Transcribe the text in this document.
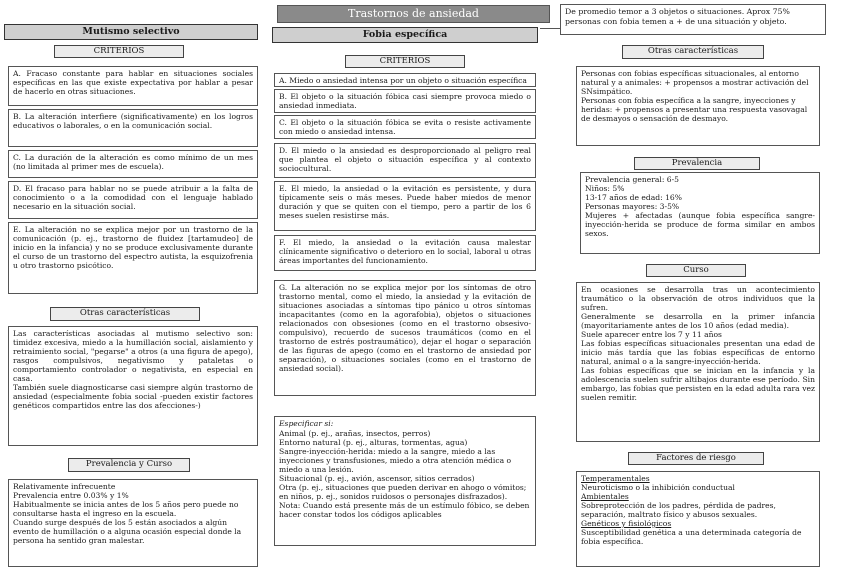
Trastornos de ansiedad	De promedio temor a 3 objetos o situaciones. Aprox 75% personas con fobia temen a + de una situación y objeto.
Mutismo selectivo
CRITERIOS
A. Fracaso constante para hablar en situaciones sociales específicas en las que existe expectativa por hablar a pesar de hacerlo en otras situaciones.
B. La alteración interfiere (significativamente) en los logros educativos o laborales, o en la comunicación social.
C. La duración de la alteración es como mínimo de un mes (no limitada al primer mes de escuela).
D. El fracaso para hablar no se puede atribuir a la falta de conocimiento o a la comodidad con el lenguaje hablado necesario en la situación social.
E. La alteración no se explica mejor por un trastorno de la comunicación (p. ej., trastorno de fluidez [tartamudeo] de inicio en la infancia) y no se produce exclusivamente durante el curso de un trastorno del espectro autista, la esquizofrenia u otro trastorno psicótico.
Otras características

Las características asociadas al mutismo selectivo son: timidez excesiva, miedo a la humillación social, aislamiento y retraimiento social, "pegarse" a otros (a una figura de apego), rasgos compulsivos, negativismo y pataletas o comportamiento controlador o negativista, en especial en casa.

También suele diagnosticarse casi siempre algún trastorno de ansiedad (especialmente fobia social -pueden existir factores genéticos compartidos entre las dos afecciones-)

Prevalencia y Curso

Relativamente infrecuente

Prevalencia entre 0.03% y 1%

Habitualmente se inicia antes de los 5 años pero puede no consultarse hasta el ingreso en la escuela.

Cuando surge después de los 5 están asociados a algún evento de humillación o a alguna ocasión especial donde la persona ha sentido gran malestar.

Fobia específica
CRITERIOS
A. Miedo o ansiedad intensa por un objeto o situación específica
B. El objeto o la situación fóbica casi siempre provoca miedo o ansiedad inmediata.
C. El objeto o la situación fóbica se evita o resiste activamente con miedo o ansiedad intensa.
D. El miedo o la ansiedad es desproporcionado al peligro real que plantea el objeto o situación específica y al contexto sociocultural.
E. El miedo, la ansiedad o la evitación es persistente, y dura típicamente seis o más meses. Puede haber miedos de menor duración y que se quiten con el tiempo, pero a partir de los 6 meses suelen resistirse más.
F. El miedo, la ansiedad o la evitación causa malestar clínicamente significativo o deterioro en lo social, laboral u otras áreas importantes del funcionamiento.
G. La alteración no se explica mejor por los síntomas de otro trastorno mental, como el miedo, la ansiedad y la evitación de situaciones asociadas a síntomas tipo pánico u otros síntomas incapacitantes (como en la agorafobia), objetos o situaciones relacionados con obsesiones (como en el trastorno obsesivo-compulsivo), recuerdo de sucesos traumáticos (como en el trastorno de estrés postraumático), dejar el hogar o separación de las figuras de apego (como en el trastorno de ansiedad por separación), o situaciones sociales (como en el trastorno de ansiedad social).

Especificar si:

Animal (p. ej., arañas, insectos, perros)

Entorno natural (p. ej., alturas, tormentas, agua)

Sangre-inyección-herida: miedo a la sangre, miedo a las inyecciones y transfusiones, miedo a otra atención médica o miedo a una lesión.

Situacional (p. ej., avión, ascensor, sitios cerrados)

Otra (p. ej., situaciones que pueden derivar en ahogo o vómitos; en niños, p. ej., sonidos ruidosos o personajes disfrazados).

Nota: Cuando está presente más de un estímulo fóbico, se deben hacer constar todos los códigos aplicables

Otras características

Personas con fobias específicas situacionales, al entorno natural y a animales: + propensos a mostrar activación del SNsimpático.

Personas con fobia específica a la sangre, inyecciones y heridas: + propensos a presentar una respuesta vasovagal de desmayos o sensación de desmayo.

Prevalencia

Prevalencia general: 6-5

Niños: 5%

13-17 años de edad: 16%

Personas mayores: 3-5%

Mujeres + afectadas (aunque fobia específica sangre-inyección-herida se produce de forma similar en ambos sexos.

Curso

En ocasiones se desarrolla tras un acontecimiento traumático o la observación de otros individuos que la sufren.

Generalmente se desarrolla en la primer infancia (mayoritariamente antes de los 10 años (edad media).

Suele aparecer entre los 7 y 11 años

Las fobias específicas situacionales presentan una edad de inicio más tardía que las fobias específicas de entorno natural, animal o a la sangre-inyección-herida.

Las fobias específicas que se inician en la infancia y la adolescencia suelen sufrir altibajos durante ese período. Sin embargo, las fobias que persisten en la edad adulta rara vez suelen remitir.

Factores de riesgo

Temperamentales

Neuroticismo o la inhibición conductual

Ambientales

Sobreprotección de los padres, pérdida de padres, separación, maltrato físico y abusos sexuales.

Genéticos y fisiológicos

Susceptibilidad genética a una determinada categoría de fobia específica.
